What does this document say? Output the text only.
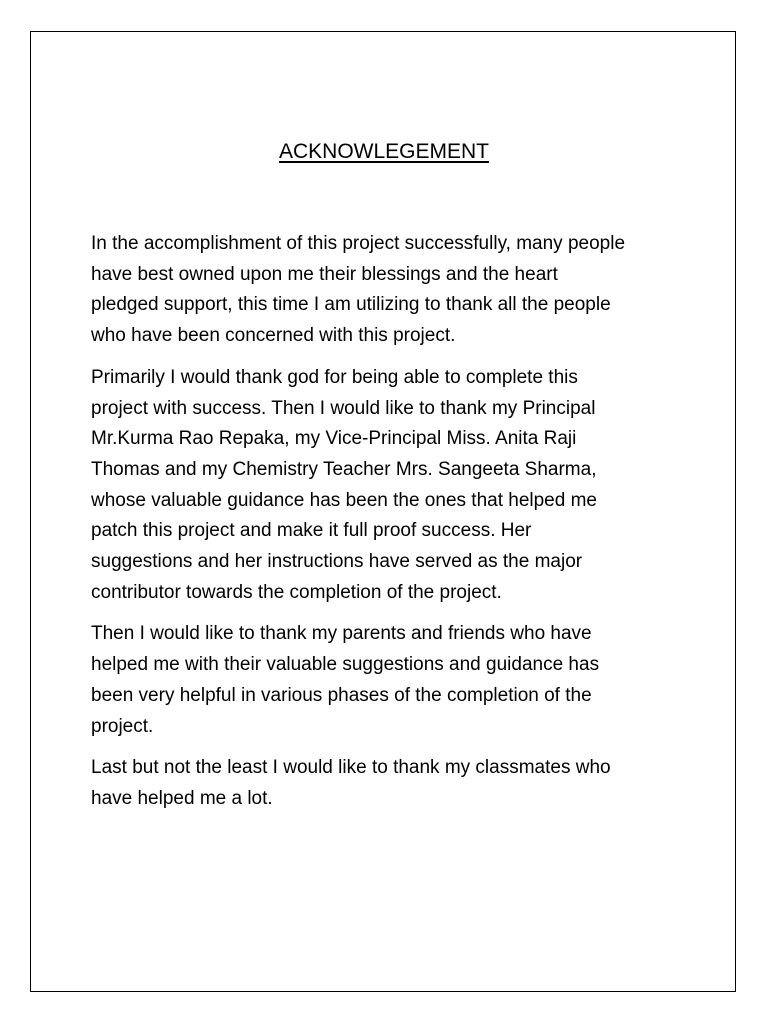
ACKNOWLEGEMENT

In the accomplishment of this project successfully, many people
have best owned upon me their blessings and the heart
pledged support, this time I am utilizing to thank all the people
who have been concerned with this project.

Primarily I would thank god for being able to complete this
project with success. Then I would like to thank my Principal
Mr.Kurma Rao Repaka, my Vice-Principal Miss. Anita Raji
Thomas and my Chemistry Teacher Mrs. Sangeeta Sharma,
whose valuable guidance has been the ones that helped me
patch this project and make it full proof success. Her
suggestions and her instructions have served as the major
contributor towards the completion of the project.

Then I would like to thank my parents and friends who have
helped me with their valuable suggestions and guidance has
been very helpful in various phases of the completion of the
project.

Last but not the least I would like to thank my classmates who
have helped me a lot.
